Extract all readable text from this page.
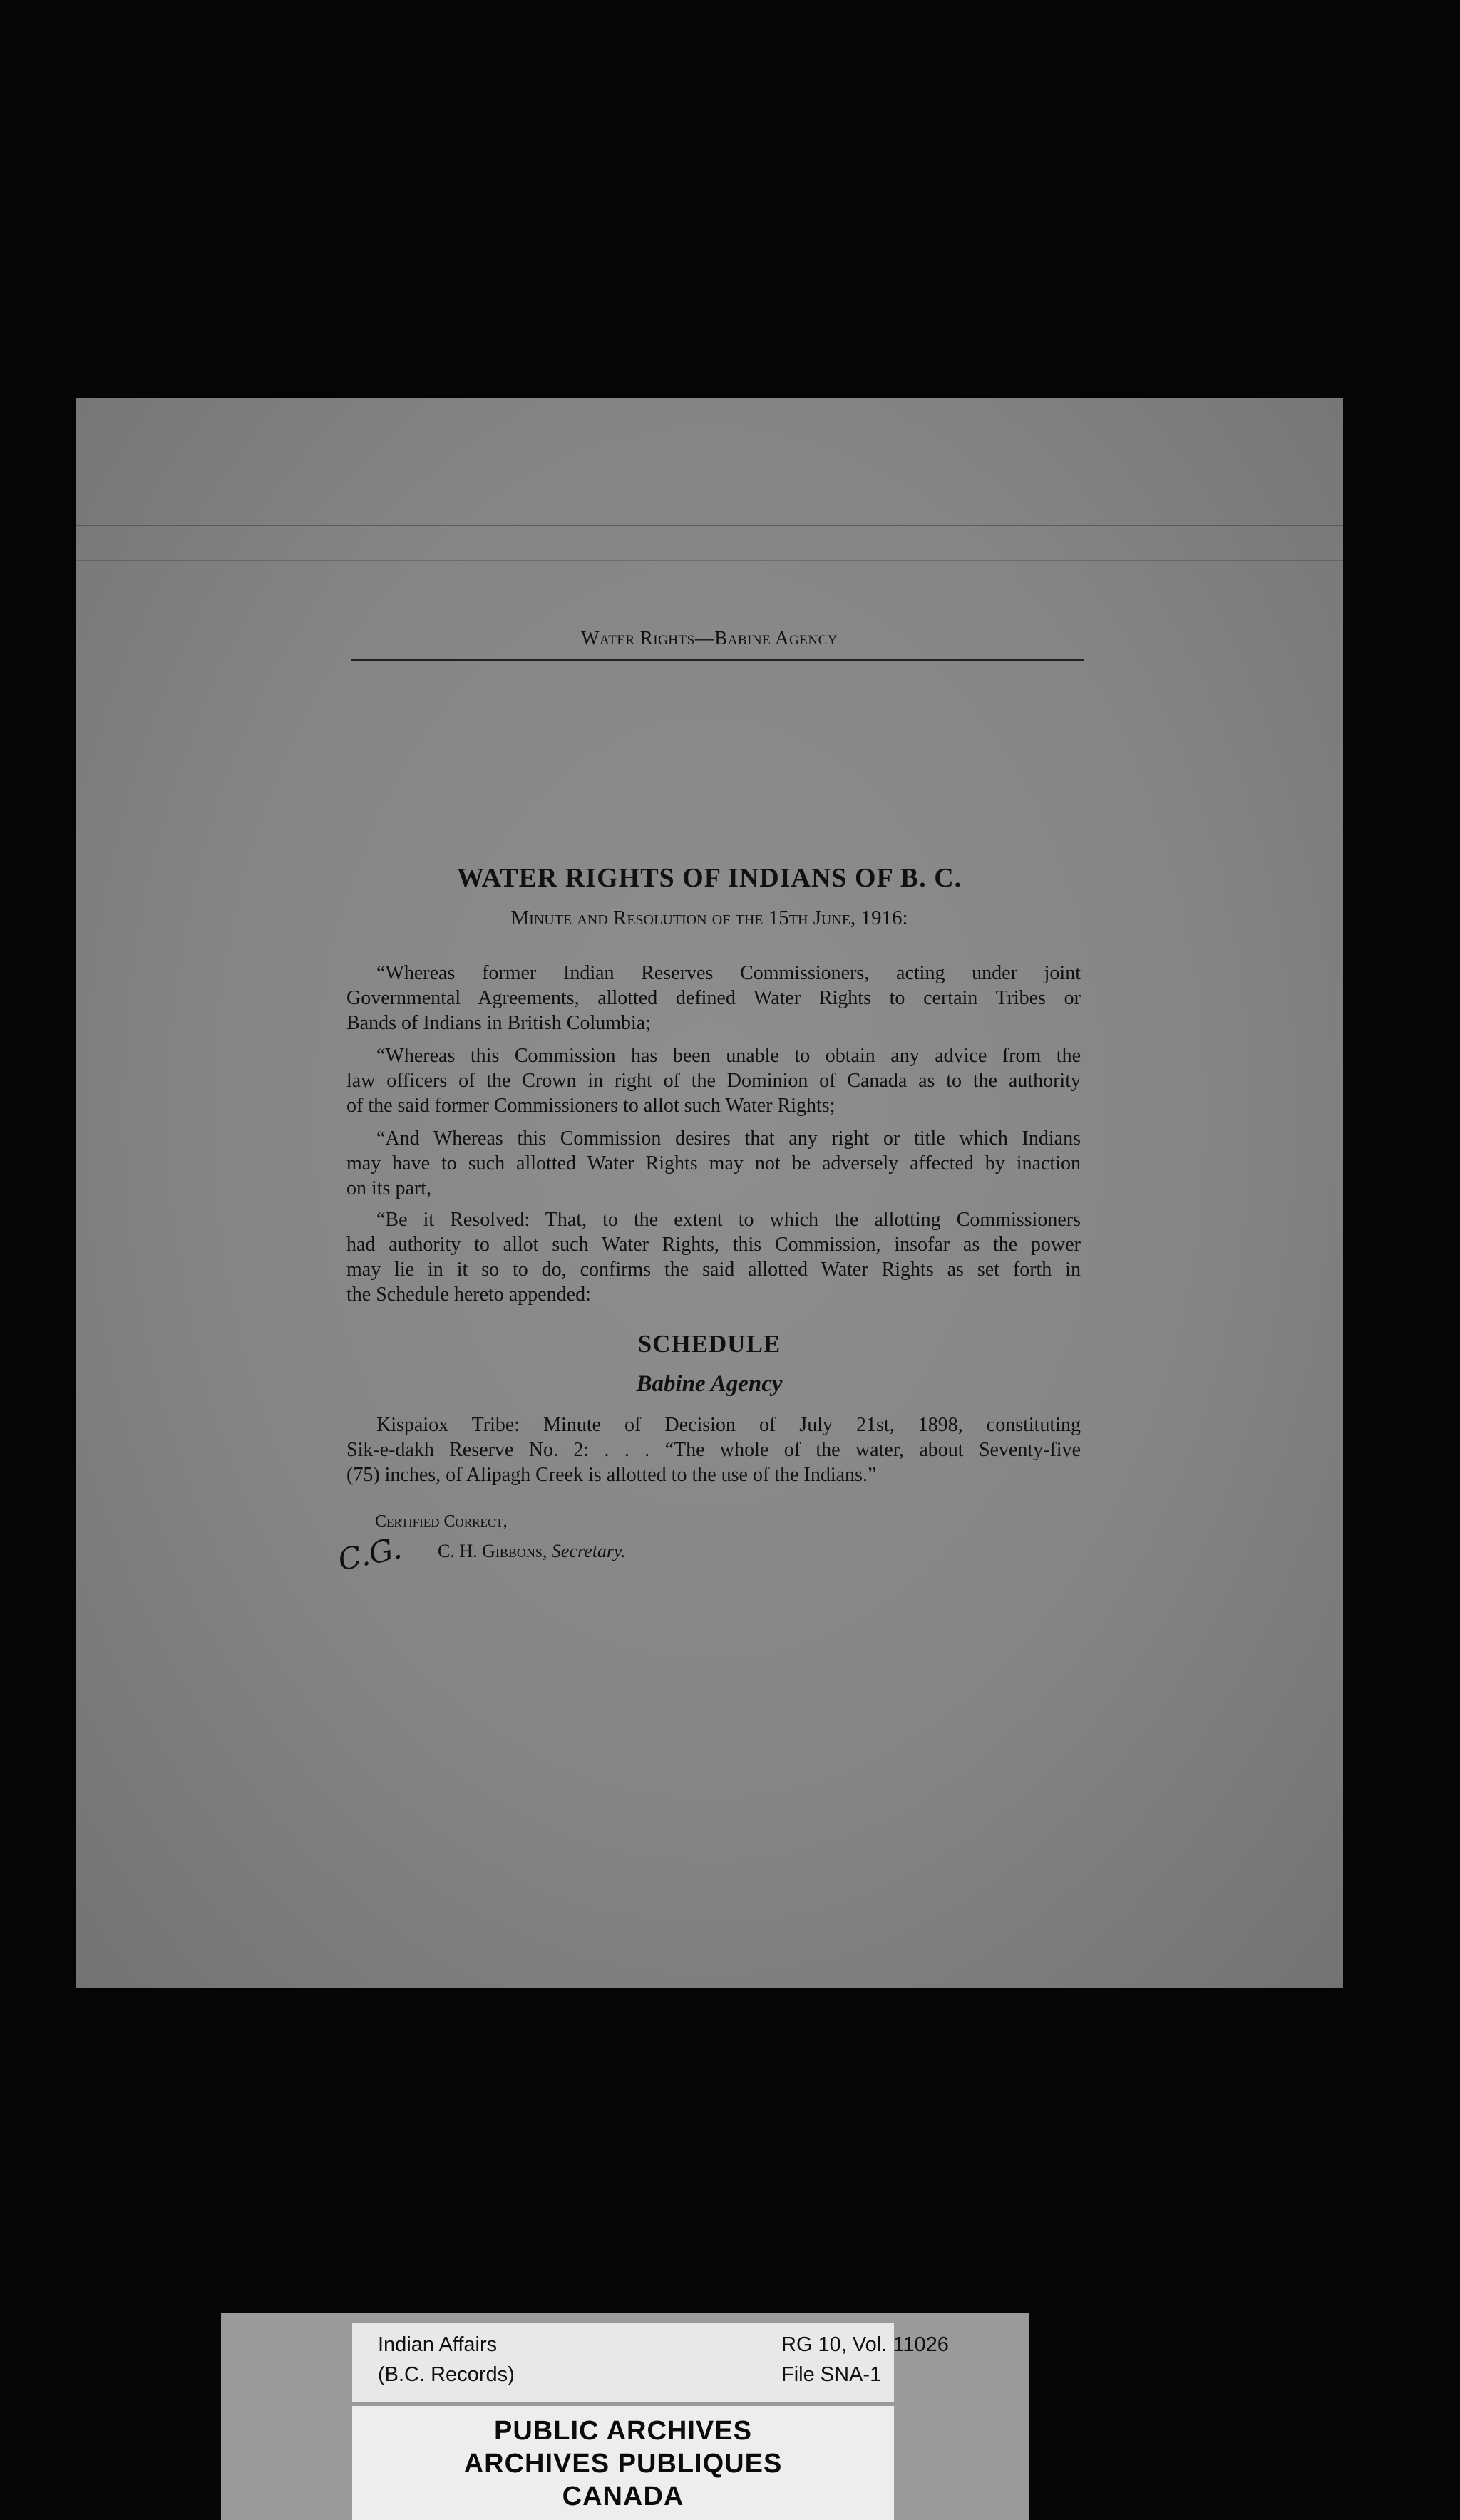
Water Rights—Babine Agency
WATER RIGHTS OF INDIANS OF B. C.
Minute and Resolution of the 15th June, 1916:
“Whereas former Indian Reserves Commissioners, acting under joint
Governmental Agreements, allotted defined Water Rights to certain Tribes or
Bands of Indians in British Columbia;
“Whereas this Commission has been unable to obtain any advice from the
law officers of the Crown in right of the Dominion of Canada as to the authority
of the said former Commissioners to allot such Water Rights;
“And Whereas this Commission desires that any right or title which Indians
may have to such allotted Water Rights may not be adversely affected by inaction
on its part,
“Be it Resolved: That, to the extent to which the allotting Commissioners
had authority to allot such Water Rights, this Commission, insofar as the power
may lie in it so to do, confirms the said allotted Water Rights as set forth in
the Schedule hereto appended:
SCHEDULE
Babine Agency
Kispaiox Tribe: Minute of Decision of July 21st, 1898, constituting
Sik-e-dakh Reserve No. 2: . . . “The whole of the water, about Seventy-five
(75) inches, of Alipagh Creek is allotted to the use of the Indians.”
Certified Correct,
C.G. C. H. Gibbons, Secretary.
Indian Affairs
(B.C. Records)
RG 10, Vol. 11026
File SNA-1
PUBLIC ARCHIVES
ARCHIVES PUBLIQUES
CANADA
